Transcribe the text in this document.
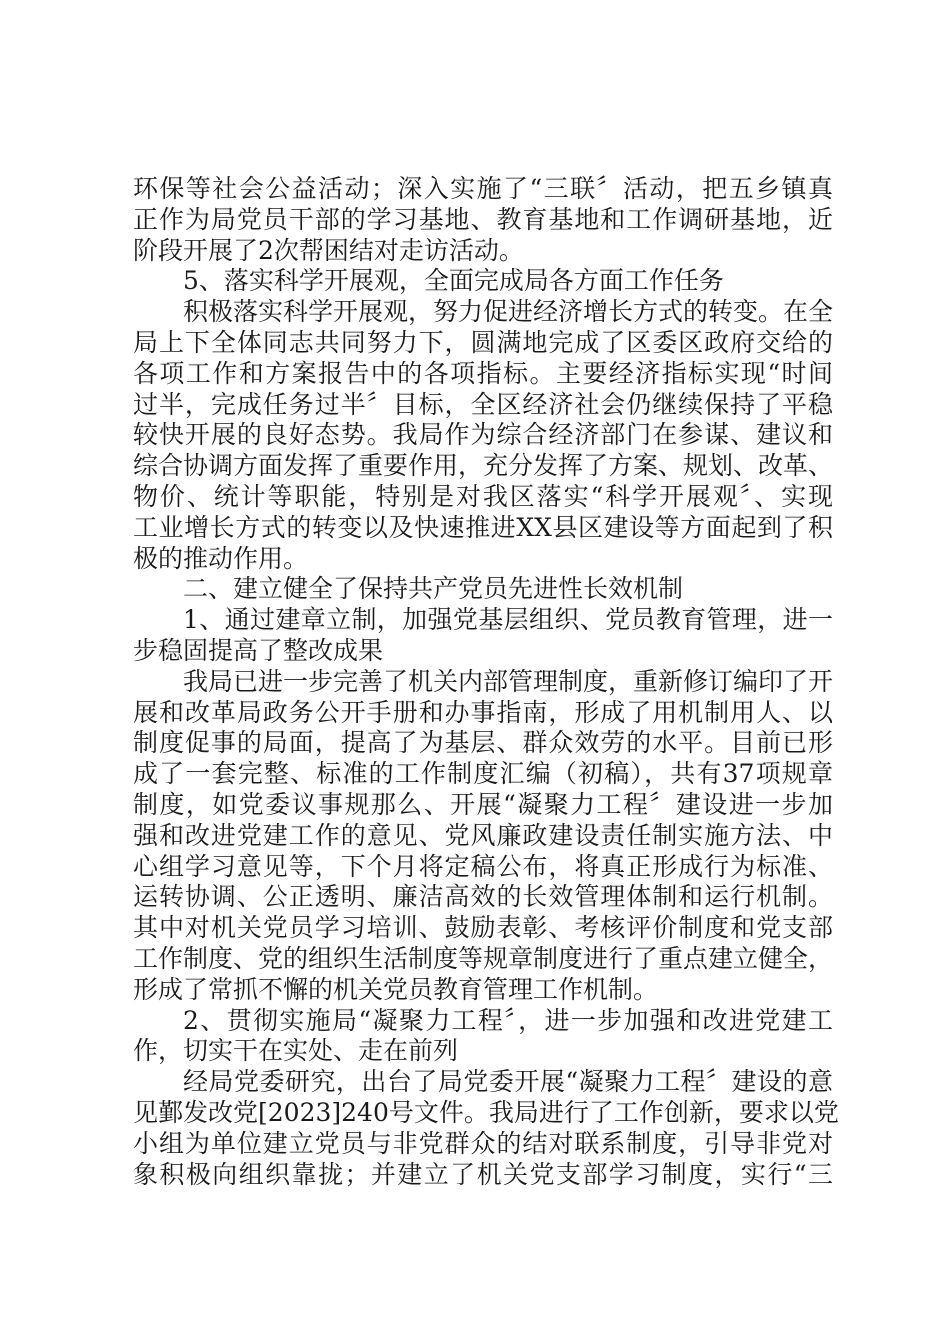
环保等社会公益活动；深入实施了“三联〞活动，把五乡镇真
正作为局党员干部的学习基地、教育基地和工作调研基地，近
阶段开展了2次帮困结对走访活动。
5、落实科学开展观，全面完成局各方面工作任务
积极落实科学开展观，努力促进经济增长方式的转变。在全
局上下全体同志共同努力下，圆满地完成了区委区政府交给的
各项工作和方案报告中的各项指标。主要经济指标实现“时间
过半，完成任务过半〞目标，全区经济社会仍继续保持了平稳
较快开展的良好态势。我局作为综合经济部门在参谋、建议和
综合协调方面发挥了重要作用，充分发挥了方案、规划、改革、
物价、统计等职能，特别是对我区落实“科学开展观〞、实现
工业增长方式的转变以及快速推进XX县区建设等方面起到了积
极的推动作用。
二、建立健全了保持共产党员先进性长效机制
1、通过建章立制，加强党基层组织、党员教育管理，进一
步稳固提高了整改成果
我局已进一步完善了机关内部管理制度，重新修订编印了开
展和改革局政务公开手册和办事指南，形成了用机制用人、以
制度促事的局面，提高了为基层、群众效劳的水平。目前已形
成了一套完整、标准的工作制度汇编（初稿），共有37项规章
制度，如党委议事规那么、开展“凝聚力工程〞建设进一步加
强和改进党建工作的意见、党风廉政建设责任制实施方法、中
心组学习意见等，下个月将定稿公布，将真正形成行为标准、
运转协调、公正透明、廉洁高效的长效管理体制和运行机制。
其中对机关党员学习培训、鼓励表彰、考核评价制度和党支部
工作制度、党的组织生活制度等规章制度进行了重点建立健全，
形成了常抓不懈的机关党员教育管理工作机制。
2、贯彻实施局“凝聚力工程〞，进一步加强和改进党建工
作，切实干在实处、走在前列
经局党委研究，出台了局党委开展“凝聚力工程〞建设的意
见鄞发改党[2023]240号文件。我局进行了工作创新，要求以党
小组为单位建立党员与非党群众的结对联系制度，引导非党对
象积极向组织靠拢；并建立了机关党支部学习制度，实行“三
